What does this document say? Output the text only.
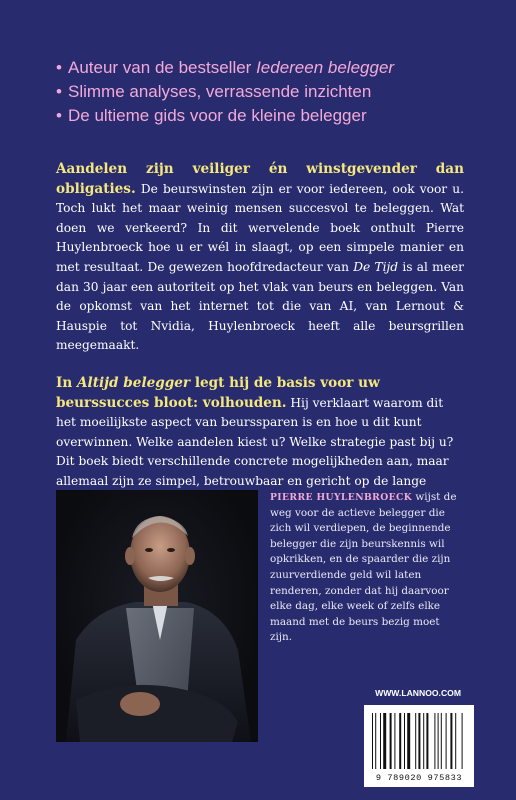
• Auteur van de bestseller Iedereen belegger
• Slimme analyses, verrassende inzichten
• De ultieme gids voor de kleine belegger
Aandelen zijn veiliger én winstgevender dan obligaties. De beurswinsten zijn er voor iedereen, ook voor u. Toch lukt het maar weinig mensen succesvol te beleggen. Wat doen we verkeerd? In dit wervelende boek onthult Pierre Huylenbroeck hoe u er wél in slaagt, op een simpele manier en met resultaat. De gewezen hoofdredacteur van De Tijd is al meer dan 30 jaar een autoriteit op het vlak van beurs en beleggen. Van de opkomst van het internet tot die van AI, van Lernout & Hauspie tot Nvidia, Huylenbroeck heeft alle beursgrillen meegemaakt.
In Altijd belegger legt hij de basis voor uw beurssucces bloot: volhouden. Hij verklaart waarom dit het moeilijkste aspect van beurssparen is en hoe u dit kunt overwinnen. Welke aandelen kiest u? Welke strategie past bij u? Dit boek biedt verschillende concrete mogelijkheden aan, maar allemaal zijn ze simpel, betrouwbaar en gericht op de lange
PIERRE HUYLENBROECK wijst de weg voor de actieve belegger die zich wil verdiepen, de beginnende belegger die zijn beurskennis wil opkrikken, en de spaarder die zijn zuurverdiende geld wil laten renderen, zonder dat hij daarvoor elke dag, elke week of zelfs elke maand met de beurs bezig moet zijn.
WWW.LANNOO.COM
9 789020 975833
